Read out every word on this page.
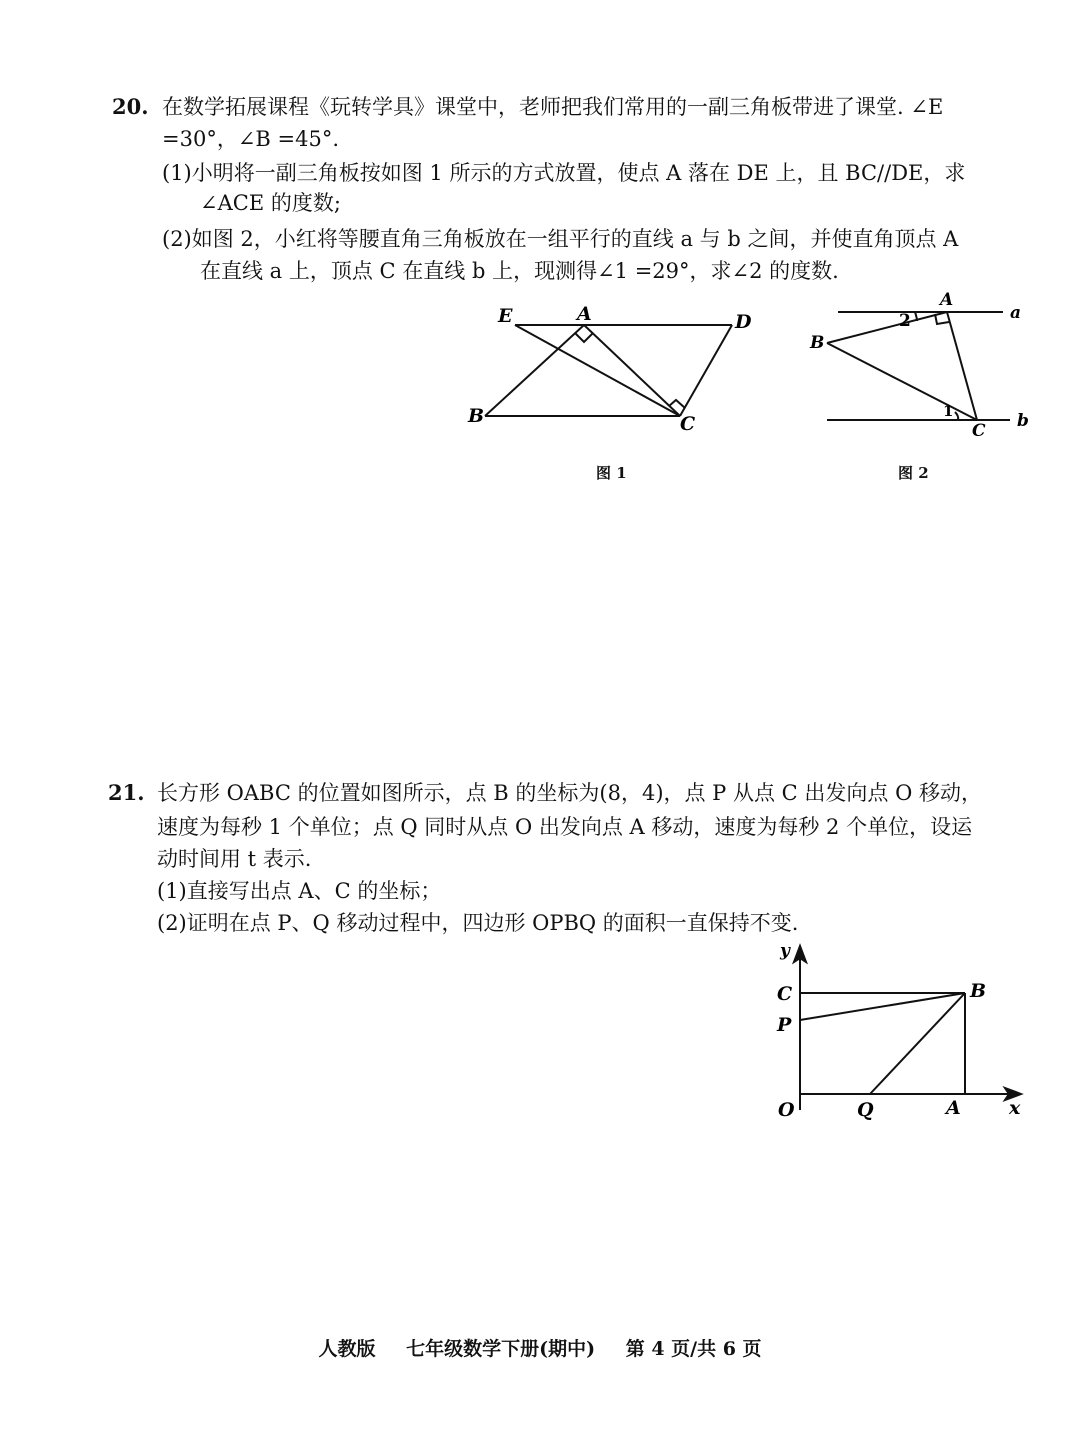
20. 在数学拓展课程《玩转学具》课堂中，老师把我们常用的一副三角板带进了课堂. ∠E
=30°，∠B =45°.
(1)小明将一副三角板按如图 1 所示的方式放置，使点 A 落在 DE 上，且 BC//DE，求
∠ACE 的度数;
(2)如图 2，小红将等腰直角三角板放在一组平行的直线 a 与 b 之间，并使直角顶点 A
在直线 a 上，顶点 C 在直线 b 上，现测得∠1 =29°，求∠2 的度数.
E	A	D
B	C
图 1
A
a
B
2
1
C b
图 2
21. 长方形 OABC 的位置如图所示，点 B 的坐标为(8，4)，点 P 从点 C 出发向点 O 移动，
速度为每秒 1 个单位；点 Q 同时从点 O 出发向点 A 移动，速度为每秒 2 个单位，设运
动时间用 t 表示.
(1)直接写出点 A、C 的坐标；
(2)证明在点 P、Q 移动过程中，四边形 OPBQ 的面积一直保持不变.
y
C
P
B
O	Q	A	x
人教版 七年级数学下册(期中) 第 4 页/共 6 页
